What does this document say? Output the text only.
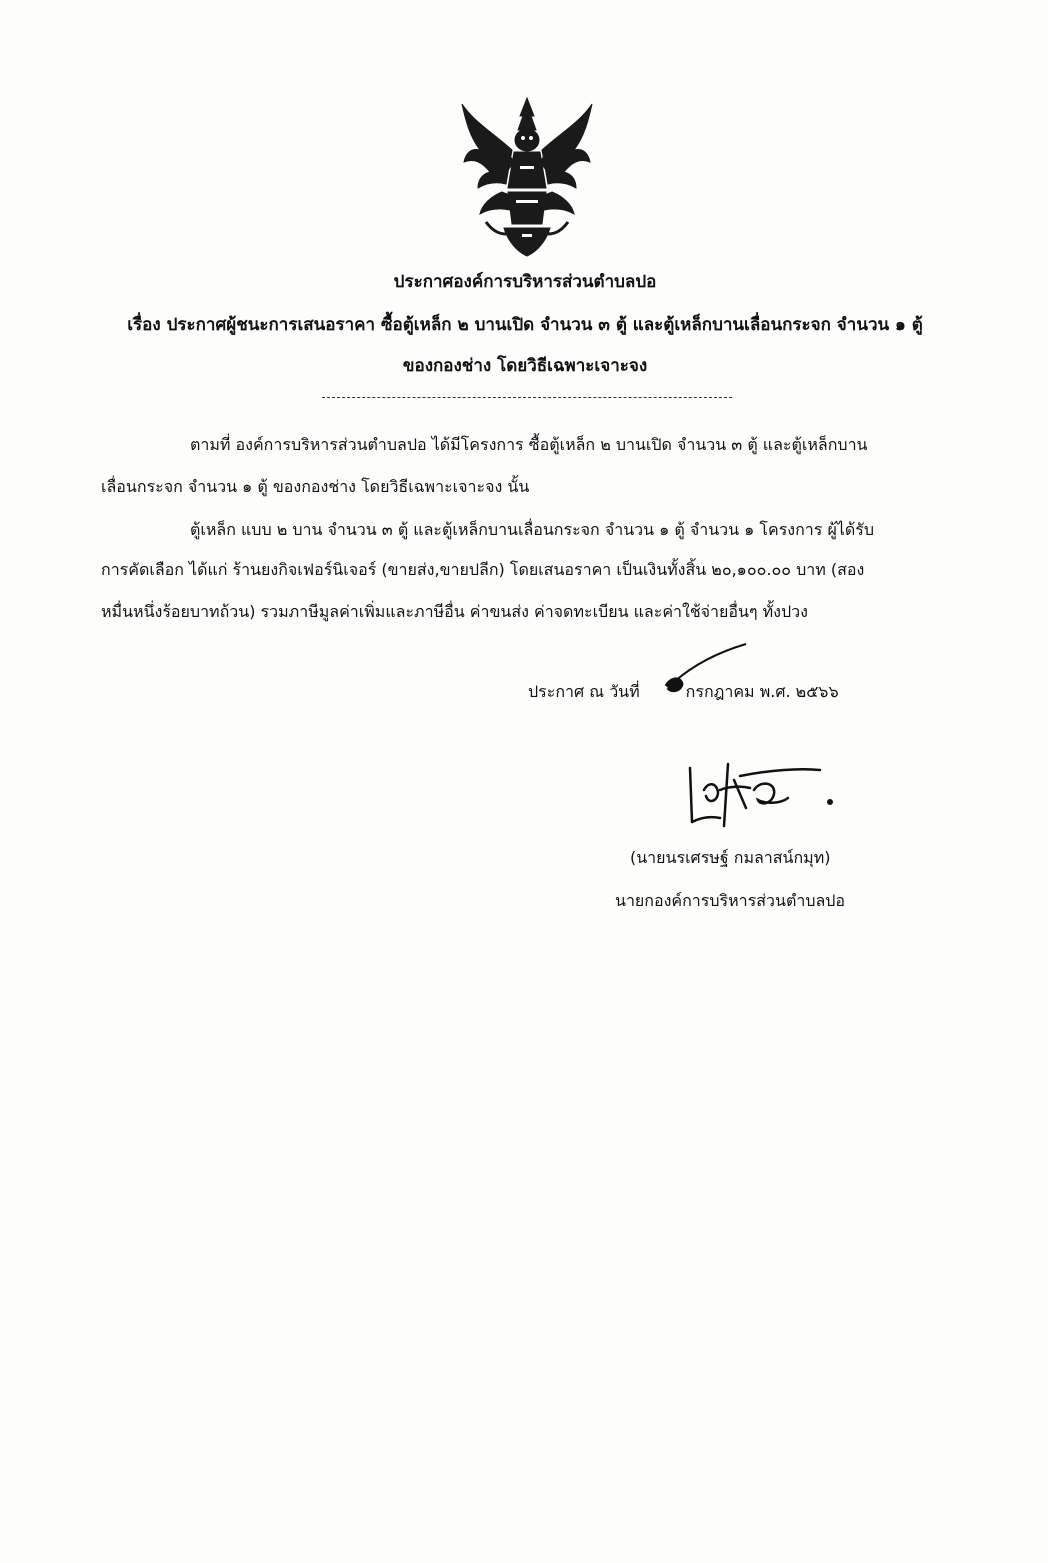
ประกาศองค์การบริหารส่วนตำบลปอ
เรื่อง ประกาศผู้ชนะการเสนอราคา ซื้อตู้เหล็ก ๒ บานเปิด จำนวน ๓ ตู้ และตู้เหล็กบานเลื่อนกระจก จำนวน ๑ ตู้
ของกองช่าง โดยวิธีเฉพาะเจาะจง
ตามที่ องค์การบริหารส่วนตำบลปอ ได้มีโครงการ ซื้อตู้เหล็ก ๒ บานเปิด จำนวน ๓ ตู้ และตู้เหล็กบาน
เลื่อนกระจก จำนวน ๑ ตู้ ของกองช่าง โดยวิธีเฉพาะเจาะจง นั้น
ตู้เหล็ก แบบ ๒ บาน จำนวน ๓ ตู้ และตู้เหล็กบานเลื่อนกระจก จำนวน ๑ ตู้ จำนวน ๑ โครงการ ผู้ได้รับ
การคัดเลือก ได้แก่ ร้านยงกิจเฟอร์นิเจอร์ (ขายส่ง,ขายปลีก) โดยเสนอราคา เป็นเงินทั้งสิ้น ๒๐,๑๐๐.๐๐ บาท (สอง
หมื่นหนึ่งร้อยบาทถ้วน) รวมภาษีมูลค่าเพิ่มและภาษีอื่น ค่าขนส่ง ค่าจดทะเบียน และค่าใช้จ่ายอื่นๆ ทั้งปวง
ประกาศ ณ วันที่	กรกฎาคม พ.ศ. ๒๕๖๖
(นายนรเศรษฐ์ กมลาสน์กมุท)
นายกองค์การบริหารส่วนตำบลปอ
